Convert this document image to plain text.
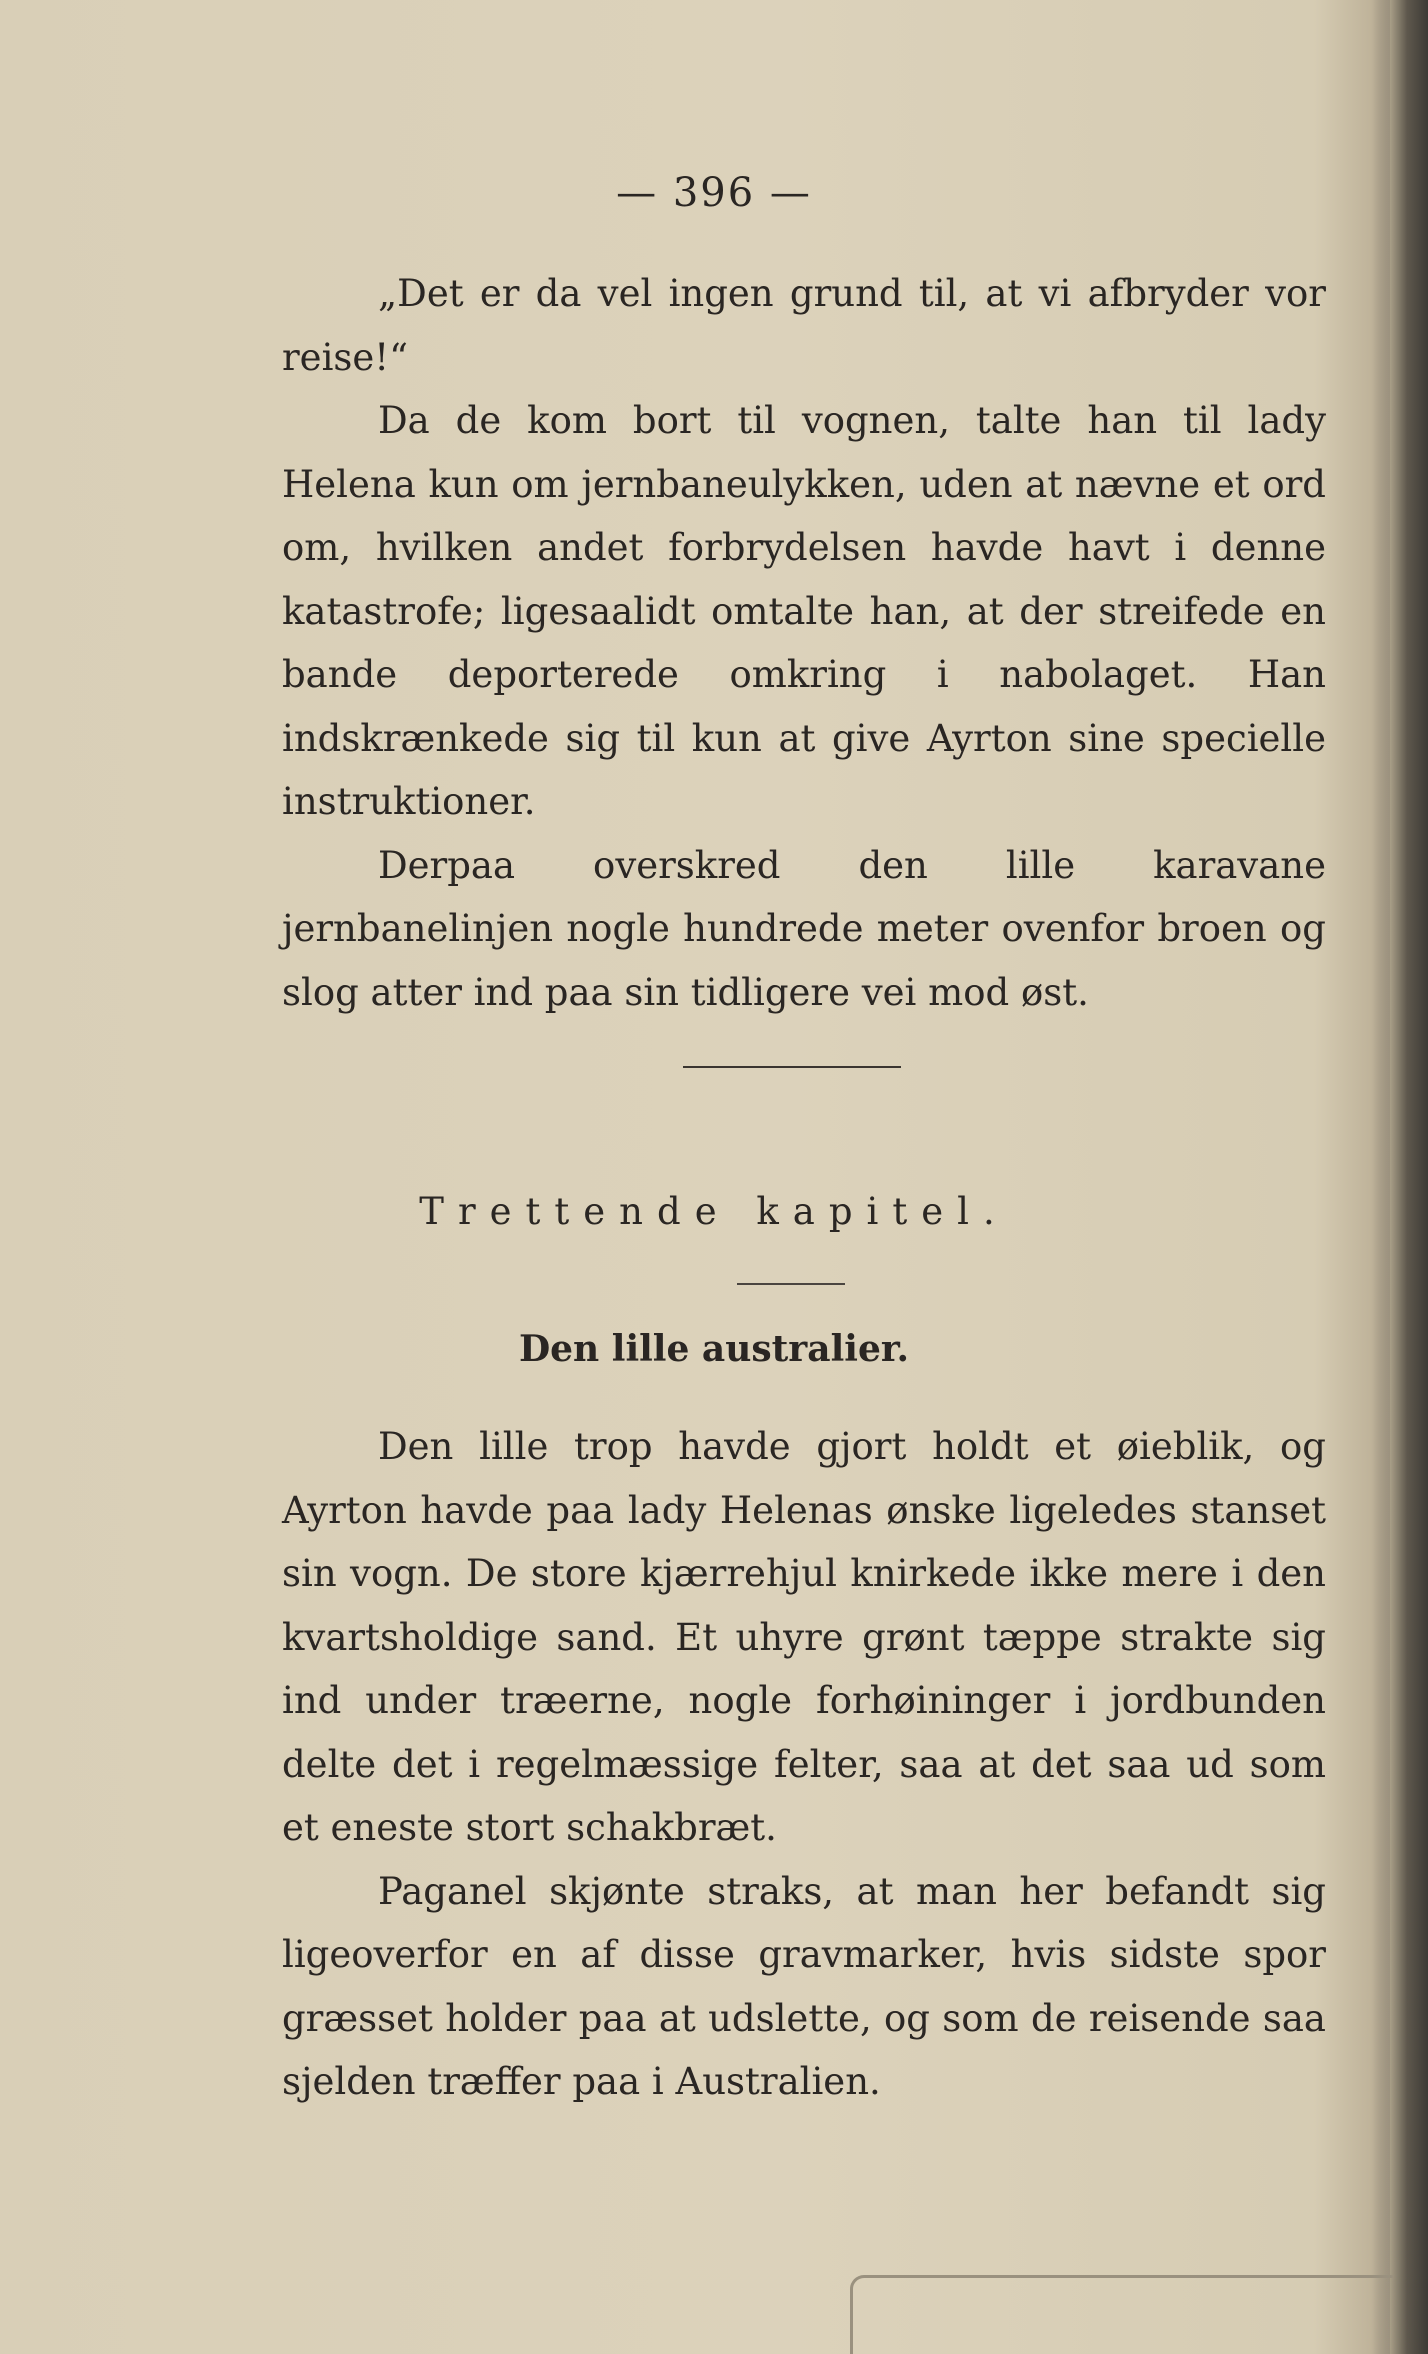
— 396 —

„Det er da vel ingen grund til, at vi afbryder vor reise!“

Da de kom bort til vognen, talte han til lady Helena kun om jernbaneulykken, uden at nævne et ord om, hvilken andet forbrydelsen havde havt i denne katastrofe; ligesaalidt omtalte han, at der streifede en bande deporterede omkring i nabolaget. Han indskrænkede sig til kun at give Ayrton sine specielle instruktioner.

Derpaa overskred den lille karavane jernbanelinjen nogle hundrede meter ovenfor broen og slog atter ind paa sin tidligere vei mod øst.

Trettende kapitel.
Den lille australier.

Den lille trop havde gjort holdt et øieblik, og Ayrton havde paa lady Helenas ønske ligeledes stanset sin vogn. De store kjærrehjul knirkede ikke mere i den kvartsholdige sand. Et uhyre grønt tæppe strakte sig ind under træerne, nogle forhøininger i jordbunden delte det i regelmæssige felter, saa at det saa ud som et eneste stort schakbræt.

Paganel skjønte straks, at man her befandt sig ligeoverfor en af disse gravmarker, hvis sidste spor græsset holder paa at udslette, og som de reisende saa sjelden træffer paa i Australien.
